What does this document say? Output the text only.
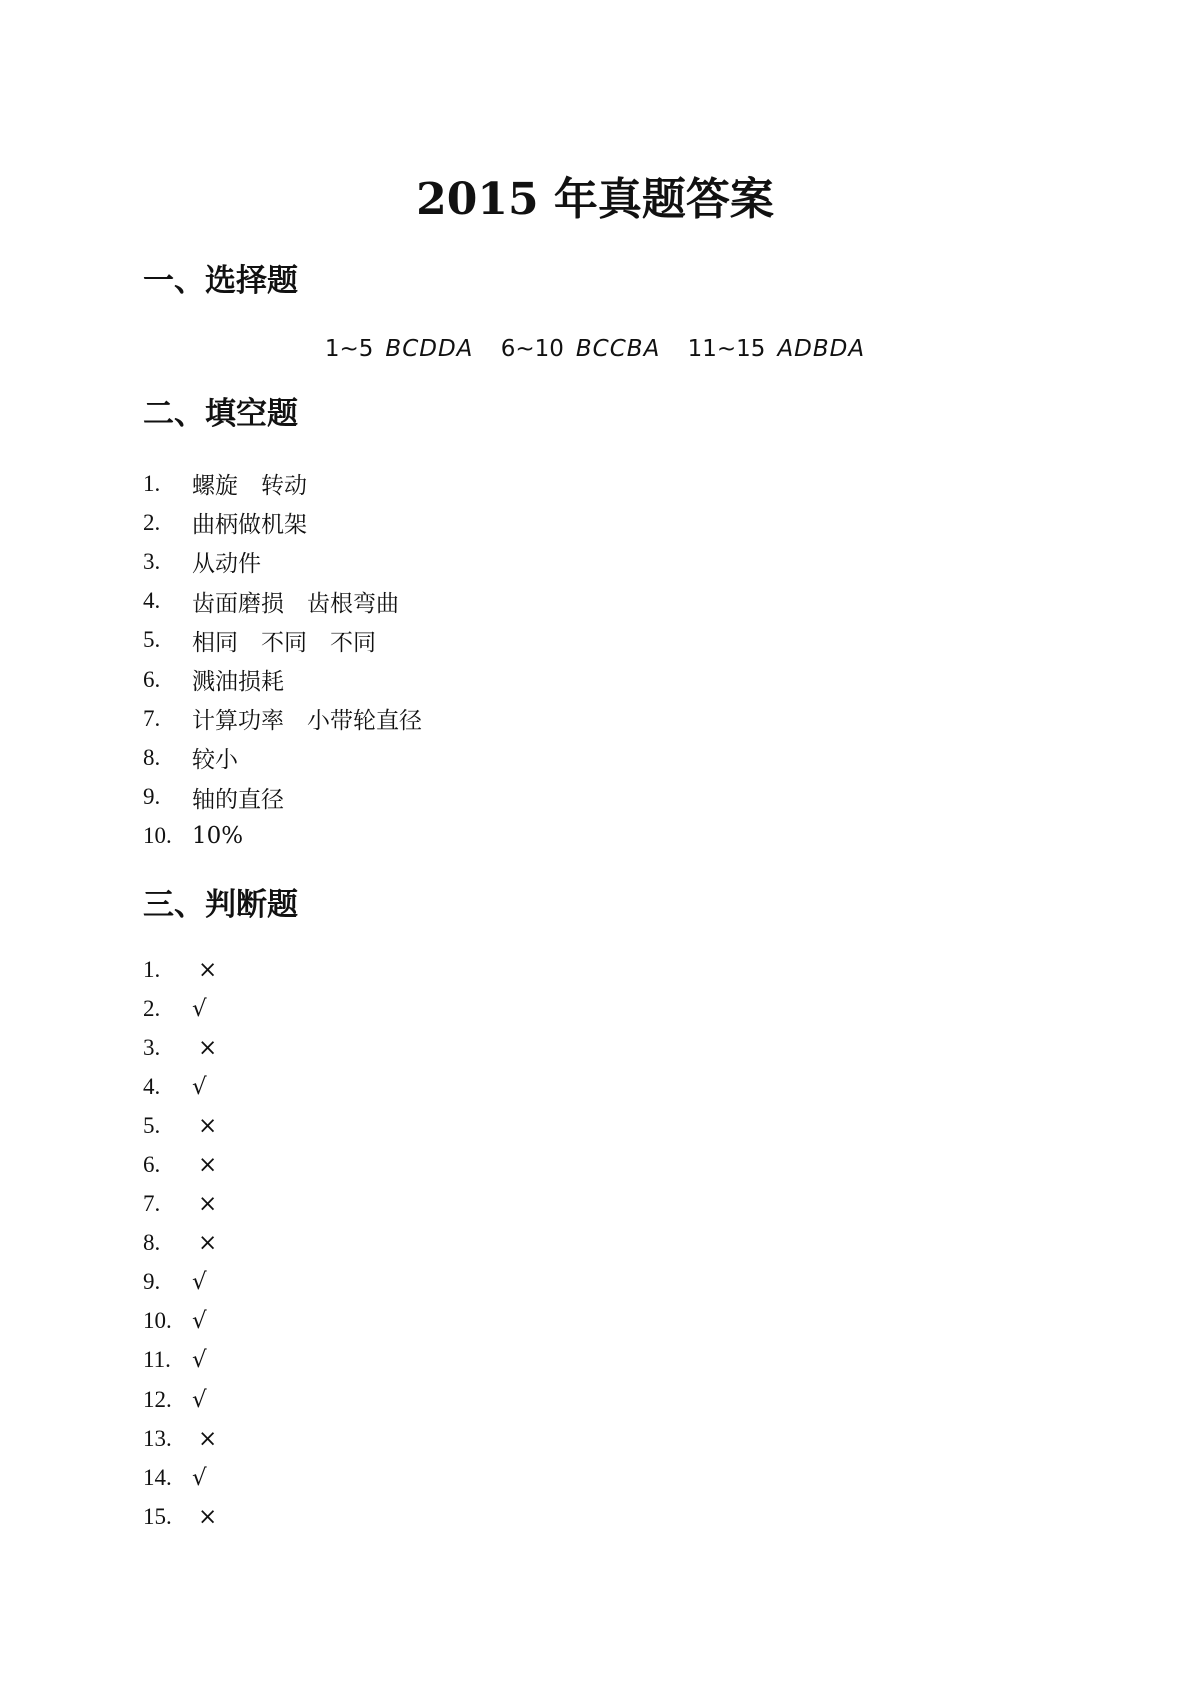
2015 年真题答案
一、选择题
1~5 BCDDA 6~10 BCCBA 11~15 ADBDA
二、填空题
1.	螺旋　转动
2.	曲柄做机架
3.	从动件
4.	齿面磨损　齿根弯曲
5.	相同　不同　不同
6.	溅油损耗
7.	计算功率　小带轮直径
8.	较小
9.	轴的直径
10. 10%
三、判断题
1.	×
2.	√
3.	×
4.	√
5.	×
6.	×
7.	×
8.	×
9.	√
10. √
11. √
12. √
13.	×
14. √
15.	×
